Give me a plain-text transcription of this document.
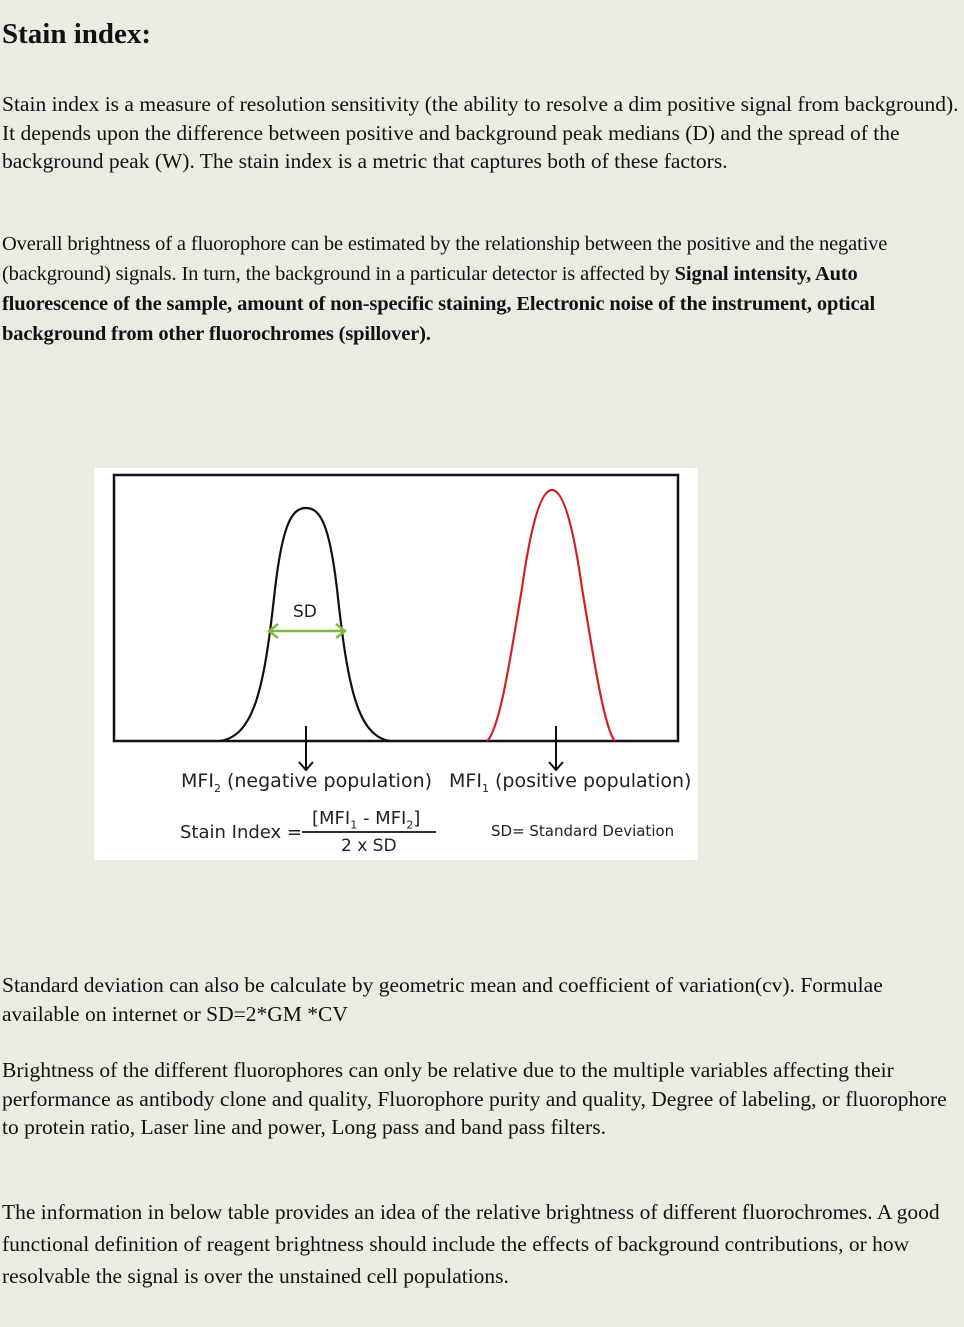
Stain index:

Stain index is a measure of resolution sensitivity (the ability to resolve a dim positive signal from background). It depends upon the difference between positive and background peak medians (D) and the spread of the background peak (W). The stain index is a metric that captures both of these factors.

Overall brightness of a fluorophore can be estimated by the relationship between the positive and the negative (background) signals. In turn, the background in a particular detector is affected by Signal intensity, Auto fluorescence of the sample, amount of non-specific staining, Electronic noise of the instrument, optical background from other fluorochromes (spillover).

SD
$MFI_2$ (negative population) $MFI_1$ (positive population)
Stain Index =
$[MFI_1 - MFI_2]$
2 x SD
SD= Standard Deviation

Standard deviation can also be calculate by geometric mean and coefficient of variation(cv). Formulae available on internet or SD=2*GM *CV

Brightness of the different fluorophores can only be relative due to the multiple variables affecting their performance as antibody clone and quality, Fluorophore purity and quality, Degree of labeling, or fluorophore to protein ratio, Laser line and power, Long pass and band pass filters.

The information in below table provides an idea of the relative brightness of different fluorochromes. A good functional definition of reagent brightness should include the effects of background contributions, or how resolvable the signal is over the unstained cell populations.
